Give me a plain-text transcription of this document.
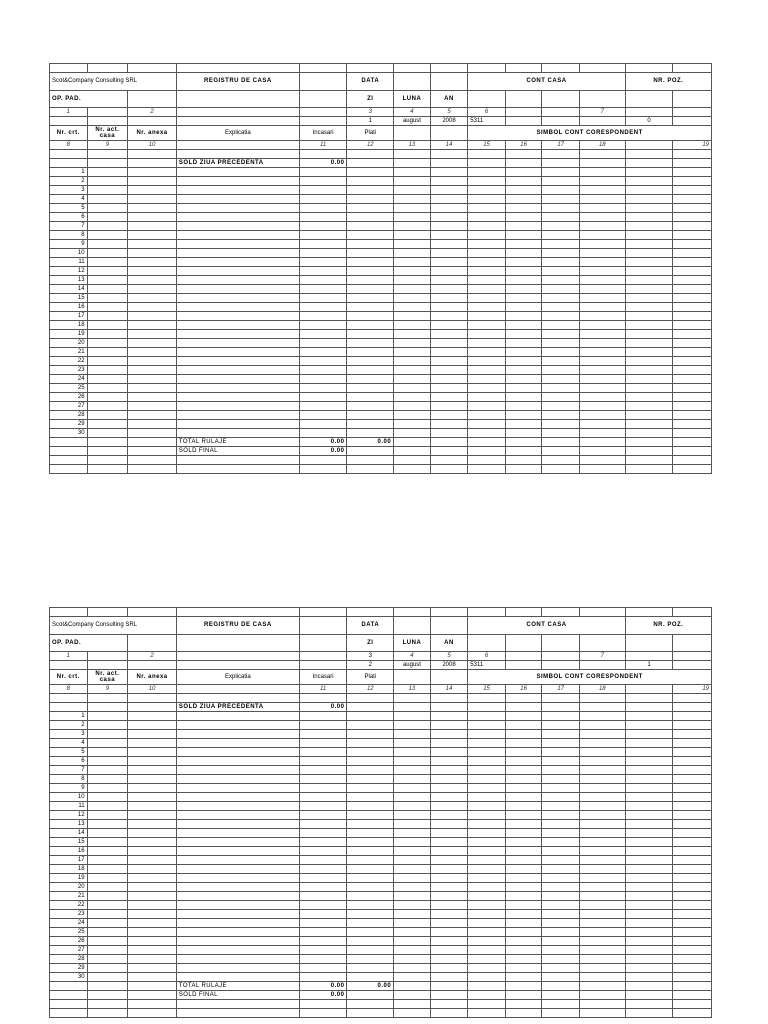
Scot&Company Consulting SRL			REGISTRU DE CASA		DATA			CONT CASA				NR. POZ.	
OP. PAD.					ZI	LUNA	AN						
1		2			3	4	5	6			7		
					1	august	2008	5311				0	
Nr. crt.	Nr. act. casa	Nr. anexa	Explicatia	Incasari	Plati			SIMBOL CONT CORESPONDENT					
8	9	10		11	12	13	14	15	16	17	18		19

			SOLD ZIUA PRECEDENTA	0.00									
1													
2													
3													
4													
5													
6													
7													
8													
9													
10													
11													
12													
13													
14													
15													
16													
17													
18													
19													
20													
21													
22													
23													
24													
25													
26													
27													
28													
29													
30													
			TOTAL RULAJE	0.00	0.00								
			SOLD FINAL	0.00									

Scot&Company Consulting SRL			REGISTRU DE CASA		DATA			CONT CASA				NR. POZ.	
OP. PAD.					ZI	LUNA	AN						
1		2			3	4	5	6			7		
					2	august	2008	5311				1	
Nr. crt.	Nr. act. casa	Nr. anexa	Explicatia	Incasari	Plati			SIMBOL CONT CORESPONDENT					
8	9	10		11	12	13	14	15	16	17	18		19

			SOLD ZIUA PRECEDENTA	0.00									
1													
2													
3													
4													
5													
6													
7													
8													
9													
10													
11													
12													
13													
14													
15													
16													
17													
18													
19													
20													
21													
22													
23													
24													
25													
26													
27													
28													
29													
30													
			TOTAL RULAJE	0.00	0.00								
			SOLD FINAL	0.00									
